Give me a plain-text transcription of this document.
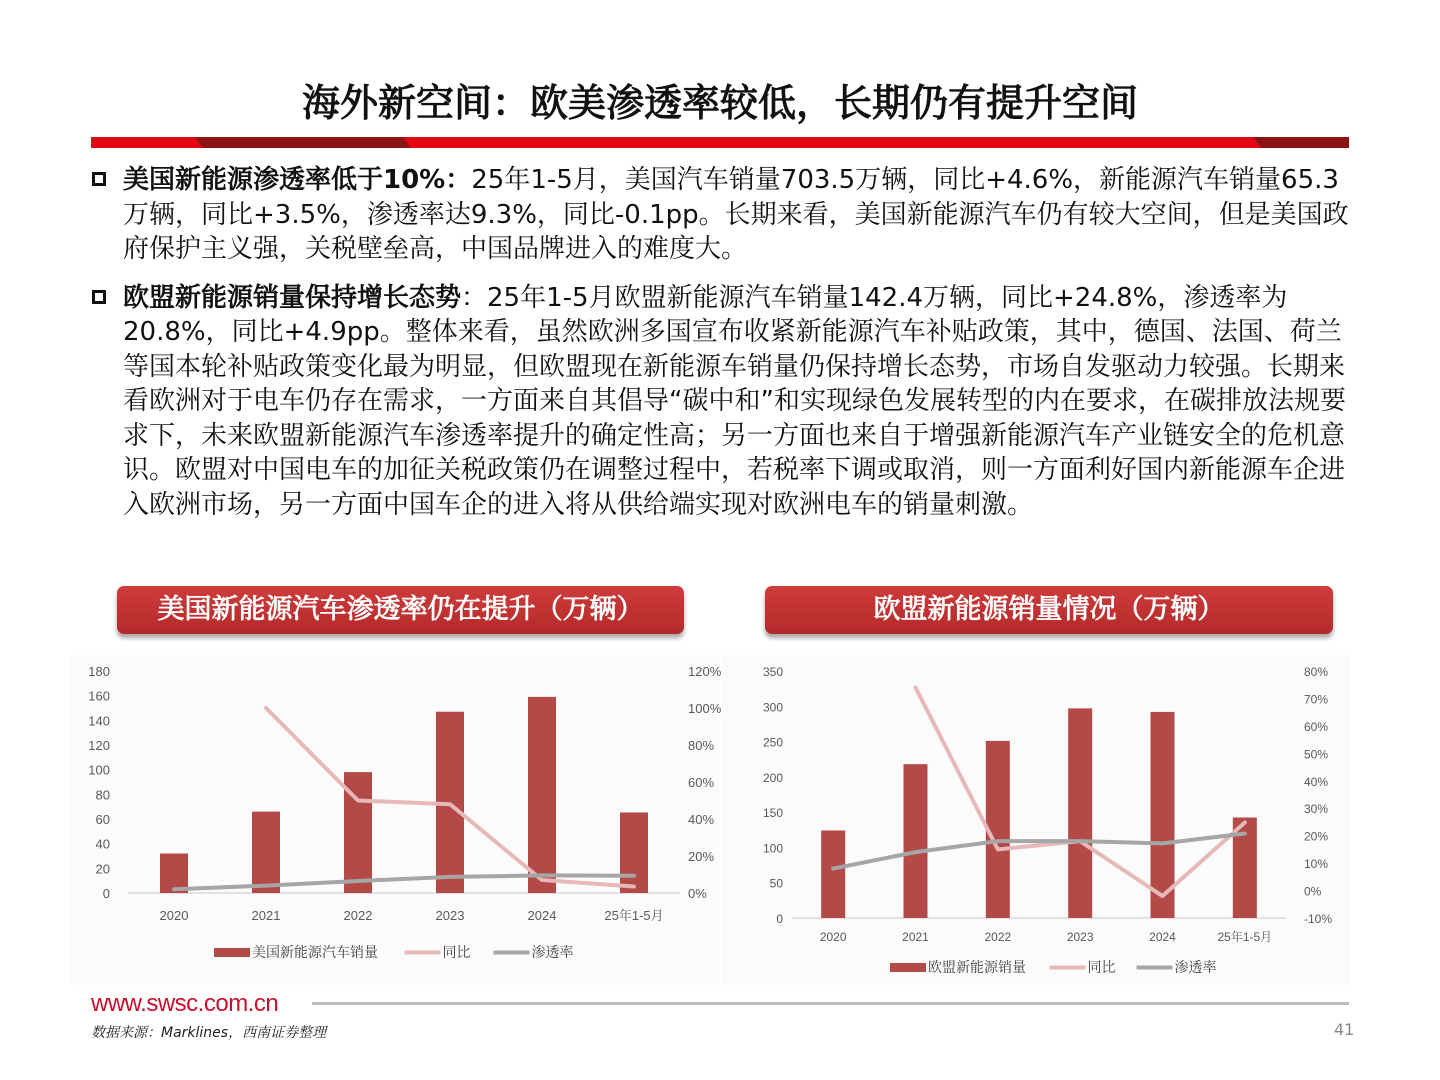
海外新空间：欧美渗透率较低，长期仍有提升空间
美国新能源渗透率低于10%：25年1-5月，美国汽车销量703.5万辆，同比+4.6%，新能源汽车销量65.3万辆，同比+3.5%，渗透率达9.3%，同比-0.1pp。长期来看，美国新能源汽车仍有较大空间，但是美国政府保护主义强，关税壁垒高，中国品牌进入的难度大。
欧盟新能源销量保持增长态势：25年1-5月欧盟新能源汽车销量142.4万辆，同比+24.8%，渗透率为20.8%，同比+4.9pp。整体来看，虽然欧洲多国宣布收紧新能源汽车补贴政策，其中，德国、法国、荷兰等国本轮补贴政策变化最为明显，但欧盟现在新能源车销量仍保持增长态势，市场自发驱动力较强。长期来看欧洲对于电车仍存在需求，一方面来自其倡导“碳中和”和实现绿色发展转型的内在要求，在碳排放法规要求下，未来欧盟新能源汽车渗透率提升的确定性高；另一方面也来自于增强新能源汽车产业链安全的危机意识。欧盟对中国电车的加征关税政策仍在调整过程中，若税率下调或取消，则一方面利好国内新能源车企进入欧洲市场，另一方面中国车企的进入将从供给端实现对欧洲电车的销量刺激。
美国新能源汽车渗透率仍在提升（万辆）	欧盟新能源销量情况（万辆）
0
20
40
60
80
100
120
140
160
180
0%
20%
40%
60%
80%
100%
120%
2020	2021	2022	2023	2024	25年1-5月
美国新能源汽车销量	同比	渗透率
0
50
100
150
200
250
300
350
-10%
0%
10%
20%
30%
40%
50%
60%
70%
80%
2020	2021	2022	2023	2024	25年1-5月
欧盟新能源销量	同比	渗透率
www.swsc.com.cn
数据来源：Marklines，西南证券整理	41
